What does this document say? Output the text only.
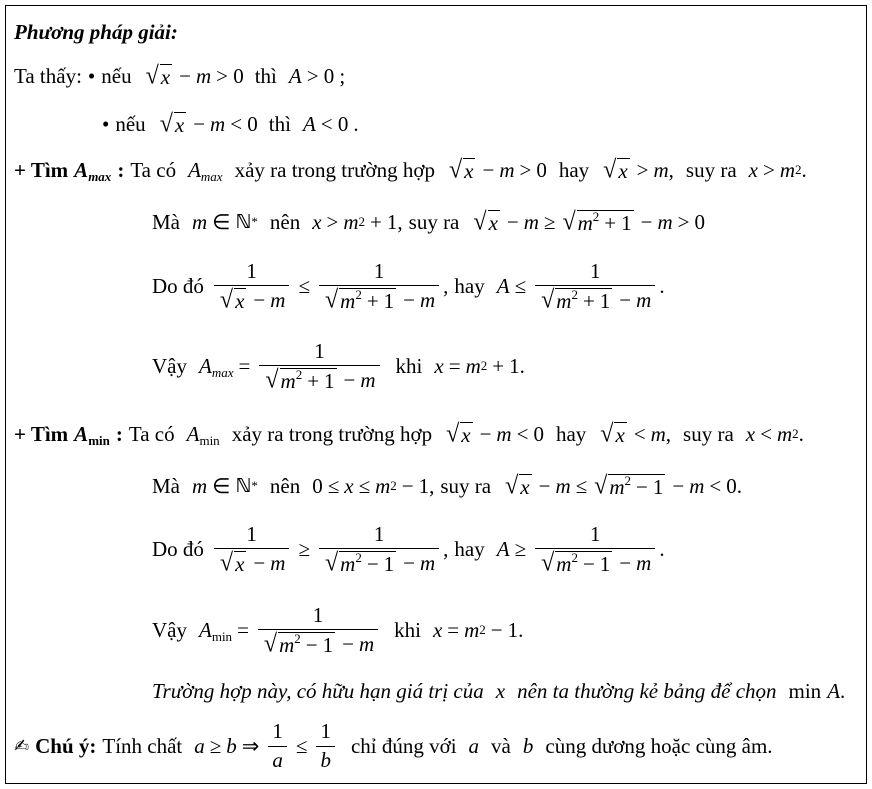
Phương pháp giải:
Ta thấy: • nếu √ x − m > 0 thì A > 0 ;
• nếu √ x − m < 0 thì A < 0 .
+ Tìm $A_{max}$ : Ta có $A_{max}$ xảy ra trong trường hợp √ x − m > 0 hay √ x > m , suy ra x > m 2 .
Mà m ∈ ℕ * nên x > m 2 + 1, suy ra √ x − m ≥ √ $m^2 + 1 - m > 0$
Do đó $\frac{1}{√ x - m} \le \frac{1}{√ m^2 + 1 - m}$ , hay $A \le \frac{1}{√ m^2 + 1 - m}$ .
Vậy $A_{max} = \frac{1}{√ m^2 + 1 - m}$ khi x = m 2 + 1.
+ Tìm $A_{min}$ : Ta có $A_{min}$ xảy ra trong trường hợp √ x − m < 0 hay √ x < m , suy ra x < m 2 .
Mà m ∈ ℕ * nên 0 ≤ x ≤ m 2 − 1, suy ra √ x − m ≤ √ $m^2 - 1 - m < 0$.
Do đó $\frac{1}{√ x - m} \ge \frac{1}{√ m^2 - 1 - m}$ , hay $A \ge \frac{1}{√ m^2 - 1 - m}$ .
Vậy $A_{min} = \frac{1}{√ m^2 - 1 - m}$ khi x = m 2 − 1.
Trường hợp này, có hữu hạn giá trị của x nên ta thường kẻ bảng để chọn min A .
✍ Chú ý: Tính chất a ≥ b ⇒ $\frac{1}{a} \le \frac{1}{b}$ chỉ đúng với a và b cùng dương hoặc cùng âm.
